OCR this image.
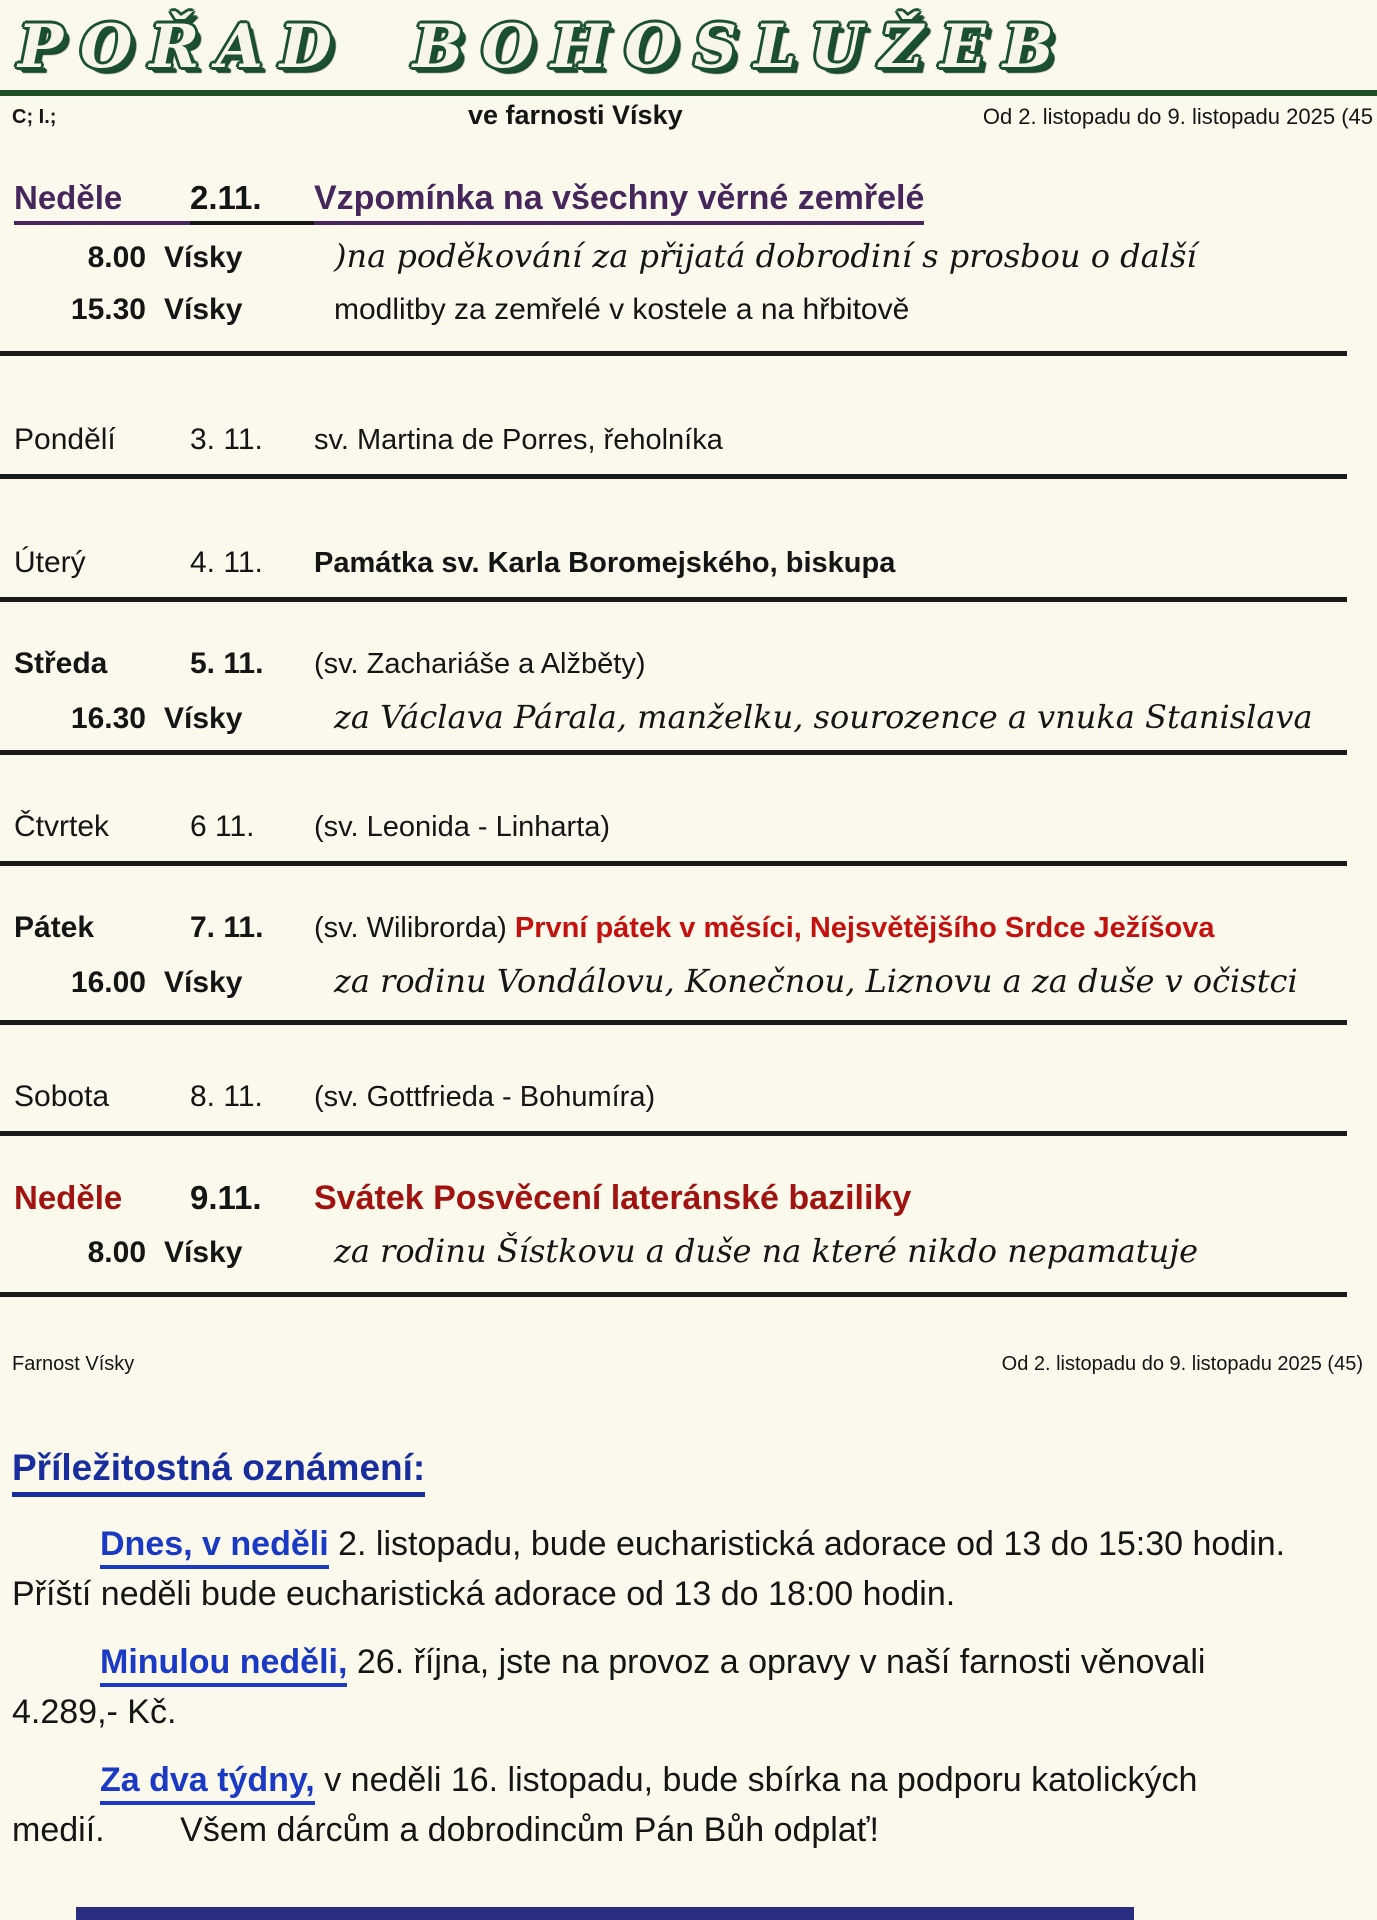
POŘAD BOHOSLUŽEB
C; I.;	ve farnosti Vísky	Od 2. listopadu do 9. listopadu 2025 (45
Neděle	2.11.	Vzpomínka na všechny věrné zemřelé
8.00 Vísky	)na poděkování za přijatá dobrodiní s prosbou o další
15.30 Vísky	modlitby za zemřelé v kostele a na hřbitově
Pondělí	3. 11.	sv. Martina de Porres, řeholníka
Úterý	4. 11.	Památka sv. Karla Boromejského, biskupa
Středa	5. 11.	(sv. Zachariáše a Alžběty)
16.30 Vísky	za Václava Párala, manželku, sourozence a vnuka Stanislava
Čtvrtek	6 11.	(sv. Leonida - Linharta)
Pátek	7. 11.	(sv. Wilibrorda) První pátek v měsíci, Nejsvětějšího Srdce Ježíšova
16.00 Vísky	za rodinu Vondálovu, Konečnou, Liznovu a za duše v očistci
Sobota	8. 11.	(sv. Gottfrieda - Bohumíra)
Neděle	9.11.	Svátek Posvěcení lateránské baziliky
8.00 Vísky	za rodinu Šístkovu a duše na které nikdo nepamatuje
Farnost Vísky	Od 2. listopadu do 9. listopadu 2025 (45)
Příležitostná oznámení:

Dnes, v neděli 2. listopadu, bude eucharistická adorace od 13 do 15:30 hodin. Příští neděli bude eucharistická adorace od 13 do 18:00 hodin.

Minulou neděli, 26. října, jste na provoz a opravy v naší farnosti věnovali 4.289,- Kč.

Za dva týdny, v neděli 16. listopadu, bude sbírka na podporu katolických medií.        Všem dárcům a dobrodincům Pán Bůh odplať!
